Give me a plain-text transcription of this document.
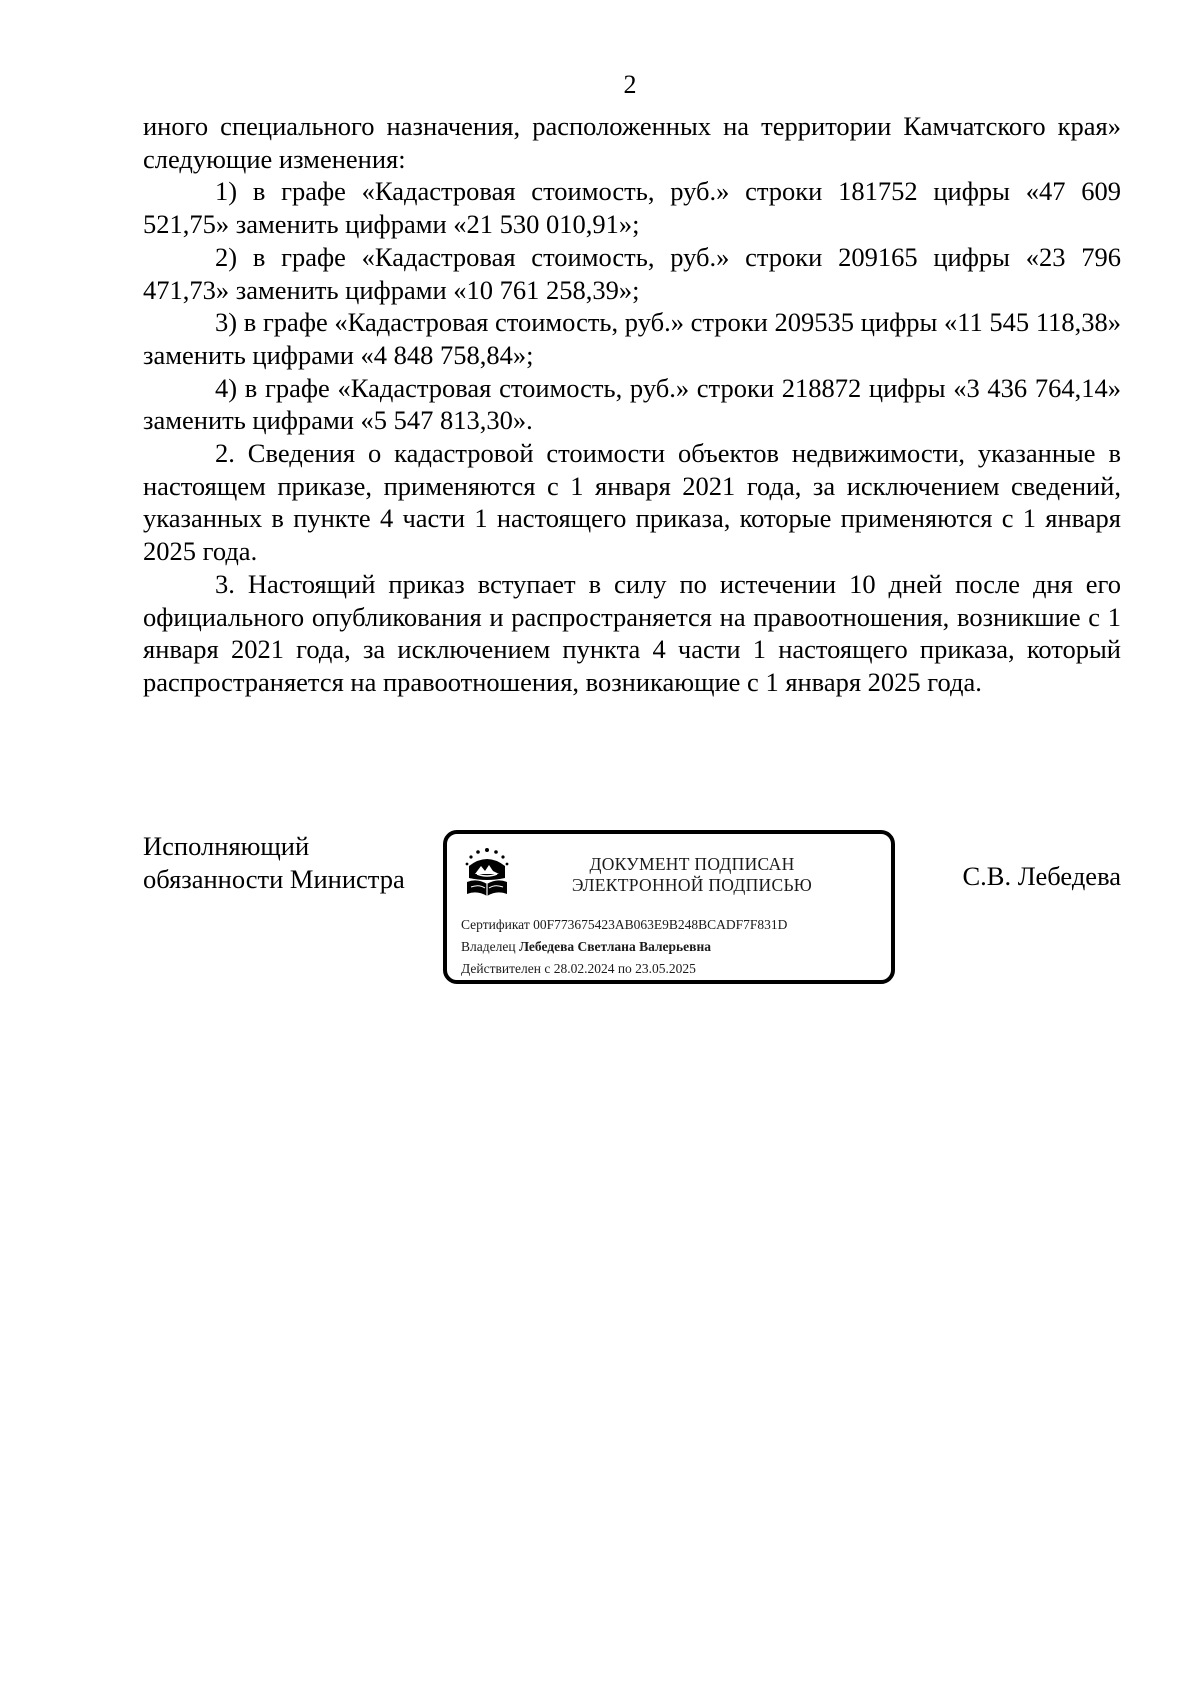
2

иного специального назначения, расположенных на территории Камчатского края» следующие изменения:

1) в графе «Кадастровая стоимость, руб.» строки 181752 цифры «47 609 521,75» заменить цифрами «21 530 010,91»;

2) в графе «Кадастровая стоимость, руб.» строки 209165 цифры «23 796 471,73» заменить цифрами «10 761 258,39»;

3) в графе «Кадастровая стоимость, руб.» строки 209535 цифры «11 545 118,38» заменить цифрами «4 848 758,84»;

4) в графе «Кадастровая стоимость, руб.» строки 218872 цифры «3 436 764,14» заменить цифрами «5 547 813,30».

2. Сведения о кадастровой стоимости объектов недвижимости, указанные в настоящем приказе, применяются с 1 января 2021 года, за исключением сведений, указанных в пункте 4 части 1 настоящего приказа, которые применяются с 1 января 2025 года.

3. Настоящий приказ вступает в силу по истечении 10 дней после дня его официального опубликования и распространяется на правоотношения, возникшие с 1 января 2021 года, за исключением пункта 4 части 1 настоящего приказа, который распространяется на правоотношения, возникающие с 1 января 2025 года.

Исполняющий
обязанности Министра	ДОКУМЕНТ ПОДПИСАН
ЭЛЕКТРОННОЙ ПОДПИСЬЮ
Сертификат 00F773675423AB063E9B248BCADF7F831D
Владелец Лебедева Светлана Валерьевна
Действителен с 28.02.2024 по 23.05.2025
С.В. Лебедева
